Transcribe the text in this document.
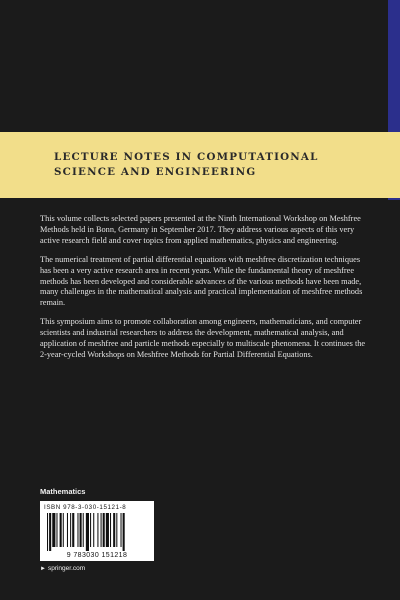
LECTURE NOTES IN COMPUTATIONAL SCIENCE AND ENGINEERING

This volume collects selected papers presented at the Ninth International Workshop on Meshfree Methods held in Bonn, Germany in September 2017. They address various aspects of this very active research field and cover topics from applied mathematics, physics and engineering.

The numerical treatment of partial differential equations with meshfree discretization techniques has been a very active research area in recent years. While the fundamental theory of meshfree methods has been developed and considerable advances of the various methods have been made, many challenges in the mathematical analysis and practical implementation of meshfree methods remain.

This symposium aims to promote collaboration among engineers, mathematicians, and computer scientists and industrial researchers to address the development, mathematical analysis, and application of meshfree and particle methods especially to multiscale phenomena. It continues the 2-year-cycled Workshops on Meshfree Methods for Partial Differential Equations.

Mathematics
ISBN 978-3-030-15121-8
9 783030 151218
► springer.com
